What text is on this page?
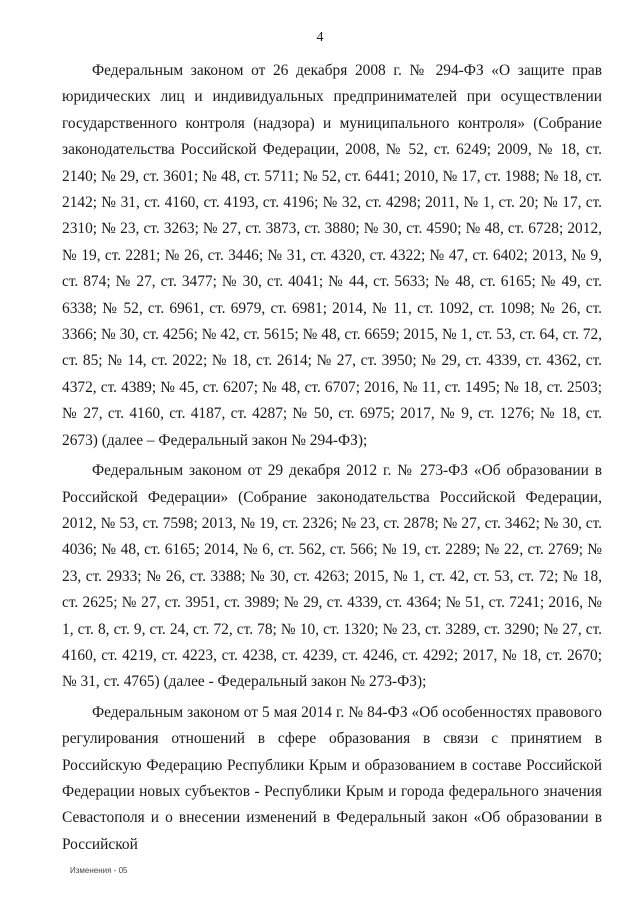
4

Федеральным законом от 26 декабря 2008 г. № 294-ФЗ «О защите прав юридических лиц и индивидуальных предпринимателей при осуществлении государственного контроля (надзора) и муниципального контроля» (Собрание законодательства Российской Федерации, 2008, № 52, ст. 6249; 2009, № 18, ст. 2140; № 29, ст. 3601; № 48, ст. 5711; № 52, ст. 6441; 2010, № 17, ст. 1988; № 18, ст. 2142; № 31, ст. 4160, ст. 4193, ст. 4196; № 32, ст. 4298; 2011, № 1, ст. 20; № 17, ст. 2310; № 23, ст. 3263; № 27, ст. 3873, ст. 3880; № 30, ст. 4590; № 48, ст. 6728; 2012, № 19, ст. 2281; № 26, ст. 3446; № 31, ст. 4320, ст. 4322; № 47, ст. 6402; 2013, № 9, ст. 874; № 27, ст. 3477; № 30, ст. 4041; № 44, ст. 5633; № 48, ст. 6165; № 49, ст. 6338; № 52, ст. 6961, ст. 6979, ст. 6981; 2014, № 11, ст. 1092, ст. 1098; № 26, ст. 3366; № 30, ст. 4256; № 42, ст. 5615; № 48, ст. 6659; 2015, № 1, ст. 53, ст. 64, ст. 72, ст. 85; № 14, ст. 2022; № 18, ст. 2614; № 27, ст. 3950; № 29, ст. 4339, ст. 4362, ст. 4372, ст. 4389; № 45, ст. 6207; № 48, ст. 6707; 2016, № 11, ст. 1495; № 18, ст. 2503; № 27, ст. 4160, ст. 4187, ст. 4287; № 50, ст. 6975; 2017, № 9, ст. 1276; № 18, ст. 2673) (далее – Федеральный закон № 294-ФЗ);

Федеральным законом от 29 декабря 2012 г. № 273-ФЗ «Об образовании в Российской Федерации» (Собрание законодательства Российской Федерации, 2012, № 53, ст. 7598; 2013, № 19, ст. 2326; № 23, ст. 2878; № 27, ст. 3462; № 30, ст. 4036; № 48, ст. 6165; 2014, № 6, ст. 562, ст. 566; № 19, ст. 2289; № 22, ст. 2769; № 23, ст. 2933; № 26, ст. 3388; № 30, ст. 4263; 2015, № 1, ст. 42, ст. 53, ст. 72; № 18, ст. 2625; № 27, ст. 3951, ст. 3989; № 29, ст. 4339, ст. 4364; № 51, ст. 7241; 2016, № 1, ст. 8, ст. 9, ст. 24, ст. 72, ст. 78; № 10, ст. 1320; № 23, ст. 3289, ст. 3290; № 27, ст. 4160, ст. 4219, ст. 4223, ст. 4238, ст. 4239, ст. 4246, ст. 4292; 2017, № 18, ст. 2670; № 31, ст. 4765) (далее - Федеральный закон № 273-ФЗ);

Федеральным законом от 5 мая 2014 г. № 84-ФЗ «Об особенностях правового регулирования отношений в сфере образования в связи с принятием в Российскую Федерацию Республики Крым и образованием в составе Российской Федерации новых субъектов - Республики Крым и города федерального значения Севастополя и о внесении изменений в Федеральный закон «Об образовании в Российской

Изменения - 05
